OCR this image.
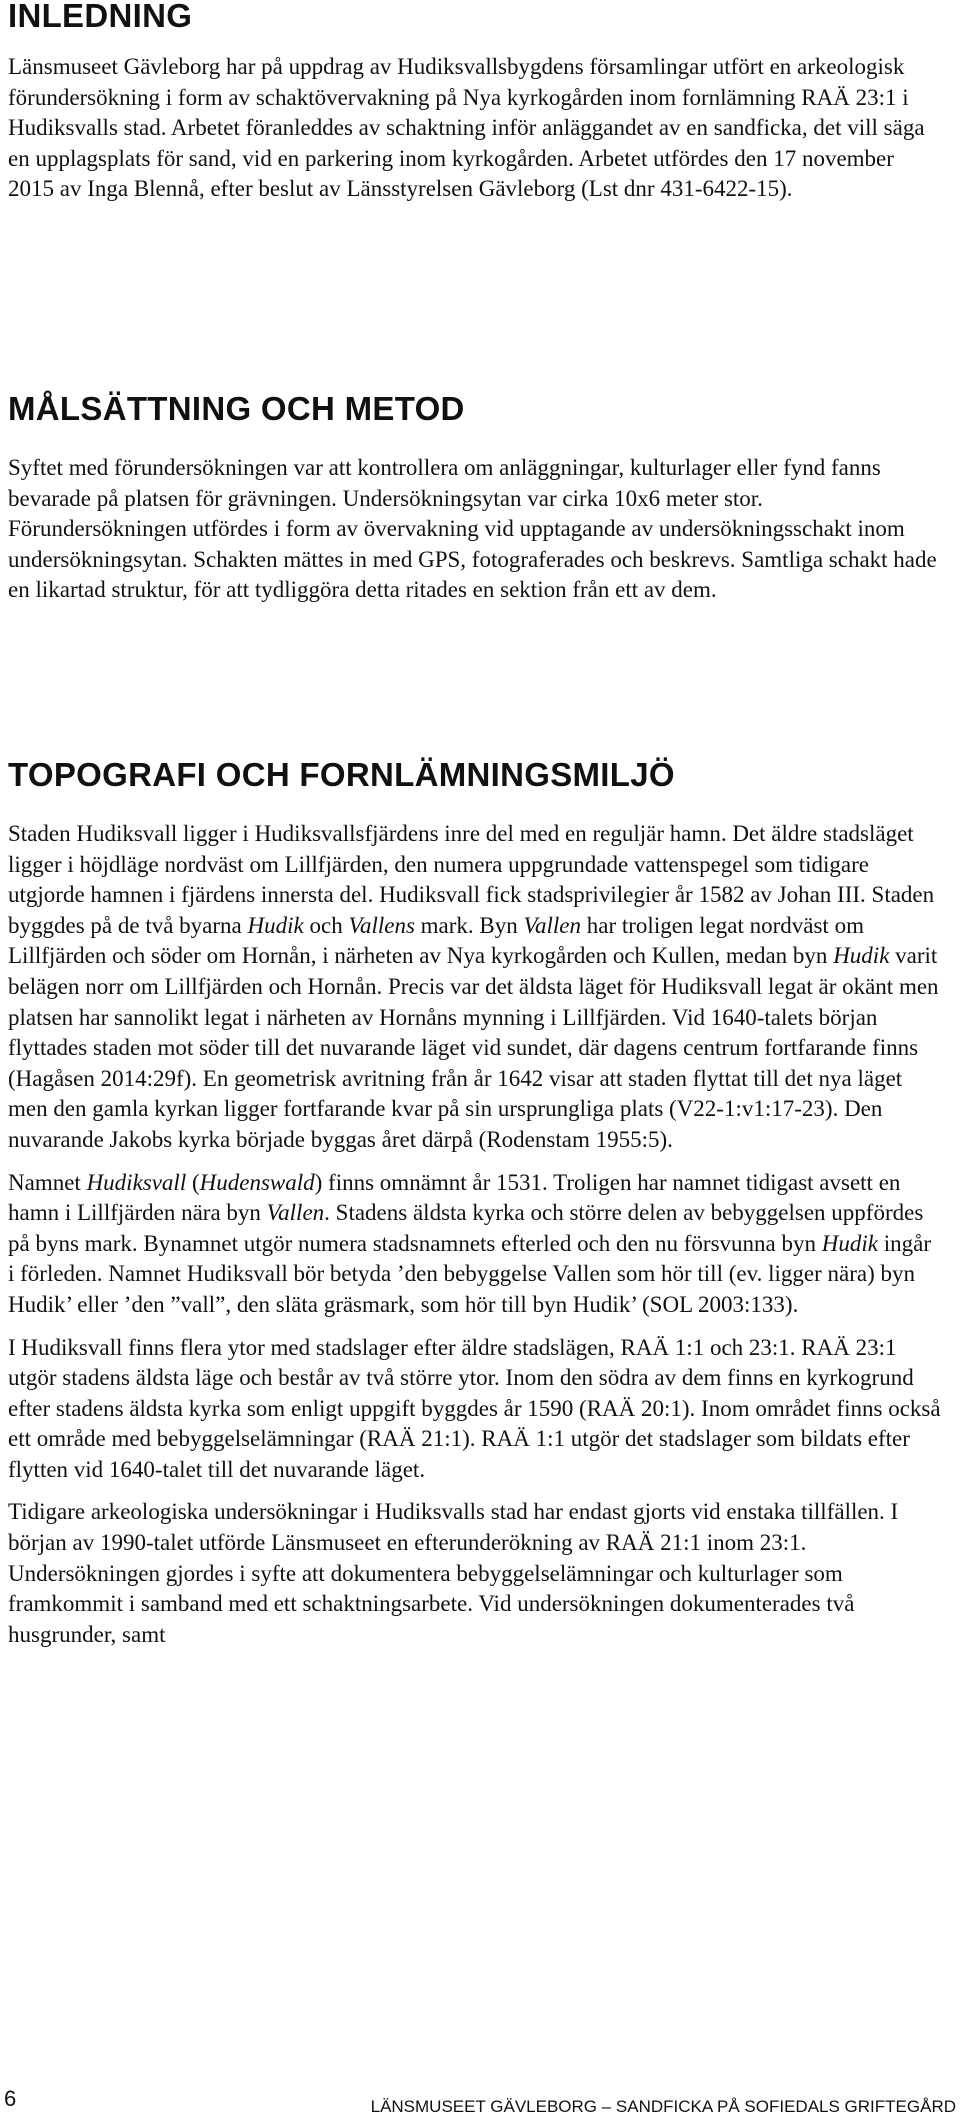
INLEDNING

Länsmuseet Gävleborg har på uppdrag av Hudiksvallsbygdens församlingar utfört en arkeologisk förundersökning i form av schaktövervakning på Nya kyrkogården inom fornlämning RAÄ 23:1 i Hudiksvalls stad. Arbetet föranleddes av schaktning inför anläggandet av en sandficka, det vill säga en upplagsplats för sand, vid en parkering inom kyrkogården. Arbetet utfördes den 17 november 2015 av Inga Blennå, efter beslut av Länsstyrelsen Gävleborg (Lst dnr 431-6422-15).

MÅLSÄTTNING OCH METOD

Syftet med förundersökningen var att kontrollera om anläggningar, kulturlager eller fynd fanns bevarade på platsen för grävningen. Undersökningsytan var cirka 10x6 meter stor. Förundersökningen utfördes i form av övervakning vid upptagande av undersökningsschakt inom undersökningsytan. Schakten mättes in med GPS, fotograferades och beskrevs. Samtliga schakt hade en likartad struktur, för att tydliggöra detta ritades en sektion från ett av dem.

TOPOGRAFI OCH FORNLÄMNINGSMILJÖ

Staden Hudiksvall ligger i Hudiksvallsfjärdens inre del med en reguljär hamn. Det äldre stadsläget ligger i höjdläge nordväst om Lillfjärden, den numera uppgrundade vattenspegel som tidigare utgjorde hamnen i fjärdens innersta del. Hudiksvall fick stadsprivilegier år 1582 av Johan III. Staden byggdes på de två byarna Hudik och Vallens mark. Byn Vallen har troligen legat nordväst om Lillfjärden och söder om Hornån, i närheten av Nya kyrkogården och Kullen, medan byn Hudik varit belägen norr om Lillfjärden och Hornån. Precis var det äldsta läget för Hudiksvall legat är okänt men platsen har sannolikt legat i närheten av Hornåns mynning i Lillfjärden. Vid 1640-talets början flyttades staden mot söder till det nuvarande läget vid sundet, där dagens centrum fortfarande finns (Hagåsen 2014:29f). En geometrisk avritning från år 1642 visar att staden flyttat till det nya läget men den gamla kyrkan ligger fortfarande kvar på sin ursprungliga plats (V22-1:v1:17-23). Den nuvarande Jakobs kyrka började byggas året därpå (Rodenstam 1955:5).

Namnet Hudiksvall (Hudenswald) finns omnämnt år 1531. Troligen har namnet tidigast avsett en hamn i Lillfjärden nära byn Vallen. Stadens äldsta kyrka och större delen av bebyggelsen uppfördes på byns mark. Bynamnet utgör numera stadsnamnets efterled och den nu försvunna byn Hudik ingår i förleden. Namnet Hudiksvall bör betyda ’den bebyggelse Vallen som hör till (ev. ligger nära) byn Hudik’ eller ’den ”vall”, den släta gräsmark, som hör till byn Hudik’ (SOL 2003:133).

I Hudiksvall finns flera ytor med stadslager efter äldre stadslägen, RAÄ 1:1 och 23:1. RAÄ 23:1 utgör stadens äldsta läge och består av två större ytor. Inom den södra av dem finns en kyrkogrund efter stadens äldsta kyrka som enligt uppgift byggdes år 1590 (RAÄ 20:1). Inom området finns också ett område med bebyggelselämningar (RAÄ 21:1). RAÄ 1:1 utgör det stadslager som bildats efter flytten vid 1640-talet till det nuvarande läget.

Tidigare arkeologiska undersökningar i Hudiksvalls stad har endast gjorts vid enstaka tillfällen. I början av 1990-talet utförde Länsmuseet en efterunderökning av RAÄ 21:1 inom 23:1. Undersökningen gjordes i syfte att dokumentera bebyggelselämningar och kulturlager som framkommit i samband med ett schaktningsarbete. Vid undersökningen dokumenterades två husgrunder, samt

6	LÄNSMUSEET GÄVLEBORG – SANDFICKA PÅ SOFIEDALS GRIFTEGÅRD
